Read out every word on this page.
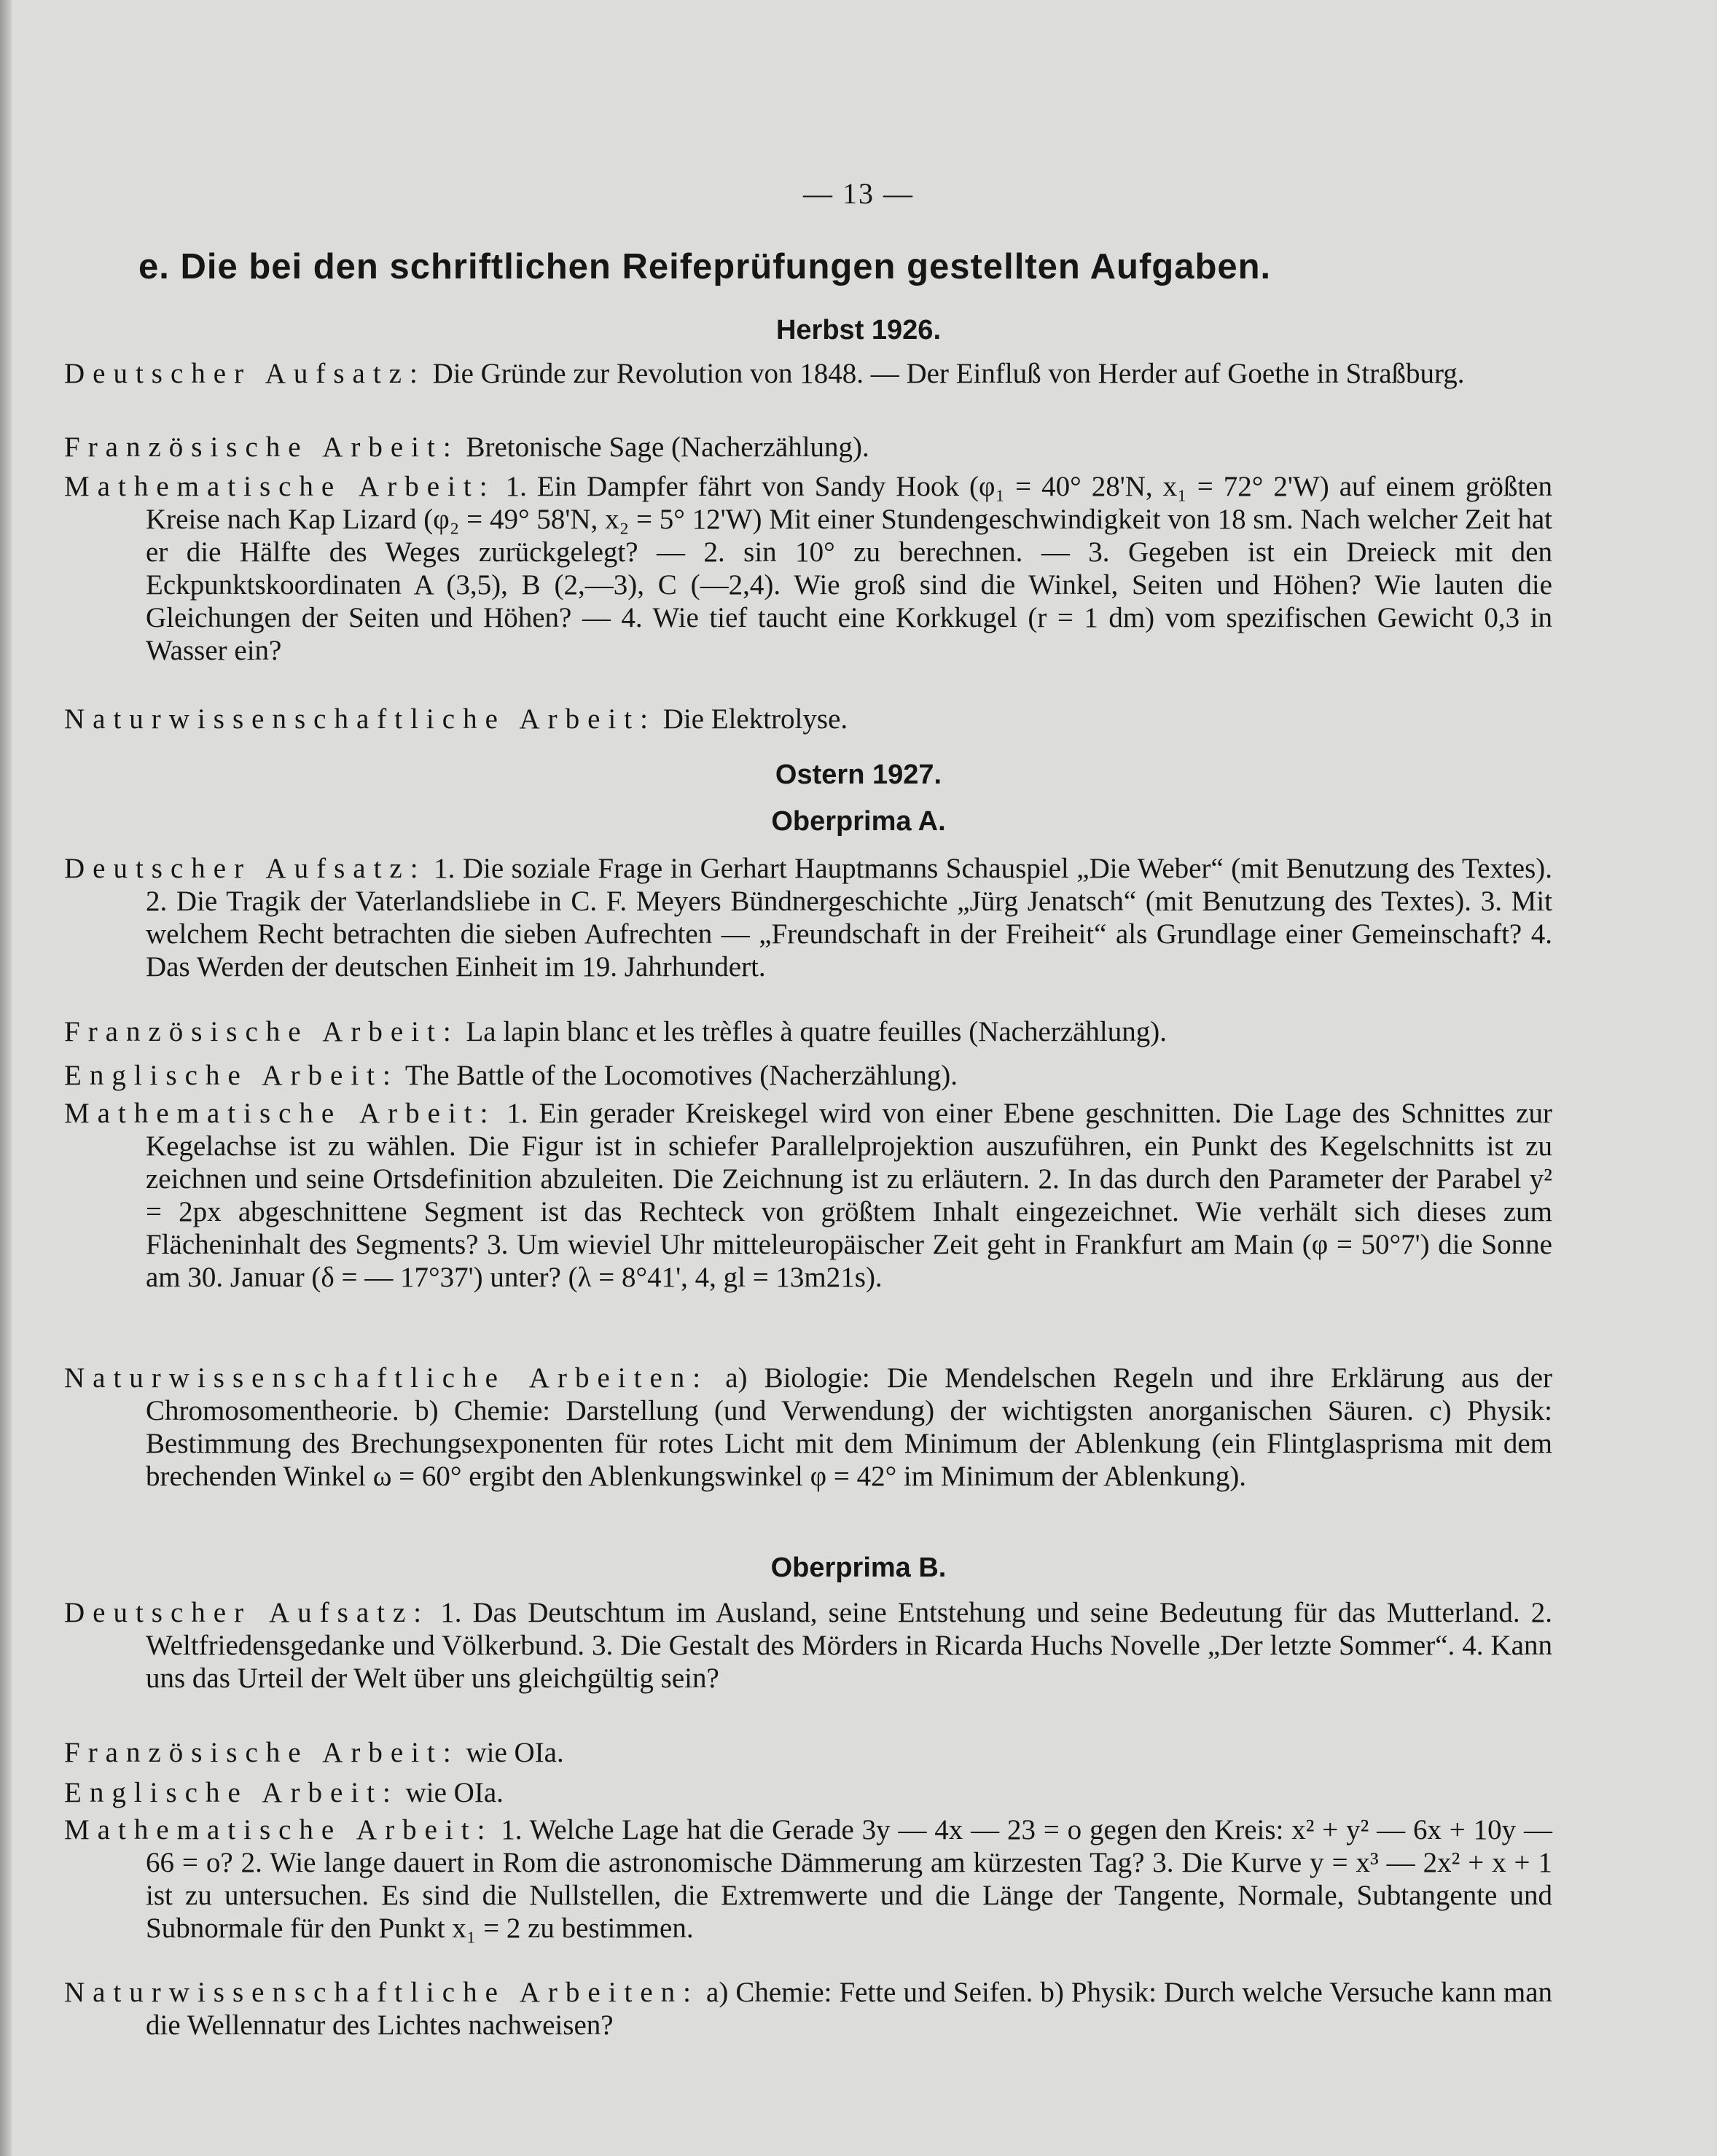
— 13 —
e. Die bei den schriftlichen Reifeprüfungen gestellten Aufgaben.
Herbst 1926.

Deutscher Aufsatz: Die Gründe zur Revolution von 1848. — Der Einfluß von Herder auf Goethe in Straßburg.

Französische Arbeit: Bretonische Sage (Nacherzählung).

Mathematische Arbeit: 1. Ein Dampfer fährt von Sandy Hook (φ₁ = 40° 28'N, x₁ = 72° 2'W) auf einem größten Kreise nach Kap Lizard (φ₂ = 49° 58'N, x₂ = 5° 12'W) Mit einer Stundengeschwindigkeit von 18 sm. Nach welcher Zeit hat er die Hälfte des Weges zurückgelegt? — 2. sin 10° zu berechnen. — 3. Gegeben ist ein Dreieck mit den Eckpunktskoordinaten A (3,5), B (2,—3), C (—2,4). Wie groß sind die Winkel, Seiten und Höhen? Wie lauten die Gleichungen der Seiten und Höhen? — 4. Wie tief taucht eine Korkkugel (r = 1 dm) vom spezifischen Gewicht 0,3 in Wasser ein?

Naturwissenschaftliche Arbeit: Die Elektrolyse.

Ostern 1927.
Oberprima A.

Deutscher Aufsatz: 1. Die soziale Frage in Gerhart Hauptmanns Schauspiel „Die Weber“ (mit Benutzung des Textes). 2. Die Tragik der Vaterlandsliebe in C. F. Meyers Bündnergeschichte „Jürg Jenatsch“ (mit Benutzung des Textes). 3. Mit welchem Recht betrachten die sieben Aufrechten — „Freundschaft in der Freiheit“ als Grundlage einer Gemeinschaft? 4. Das Werden der deutschen Einheit im 19. Jahrhundert.

Französische Arbeit: La lapin blanc et les trèfles à quatre feuilles (Nacherzählung).

Englische Arbeit: The Battle of the Locomotives (Nacherzählung).

Mathematische Arbeit: 1. Ein gerader Kreiskegel wird von einer Ebene geschnitten. Die Lage des Schnittes zur Kegelachse ist zu wählen. Die Figur ist in schiefer Parallelprojektion auszuführen, ein Punkt des Kegelschnitts ist zu zeichnen und seine Ortsdefinition abzuleiten. Die Zeichnung ist zu erläutern. 2. In das durch den Parameter der Parabel y² = 2px abgeschnittene Segment ist das Rechteck von größtem Inhalt eingezeichnet. Wie verhält sich dieses zum Flächeninhalt des Segments? 3. Um wieviel Uhr mitteleuropäischer Zeit geht in Frankfurt am Main (φ = 50°7') die Sonne am 30. Januar (δ = — 17°37') unter? (λ = 8°41', 4, gl = 13m21s).

Naturwissenschaftliche Arbeiten: a) Biologie: Die Mendelschen Regeln und ihre Erklärung aus der Chromosomentheorie. b) Chemie: Darstellung (und Verwendung) der wichtigsten anorganischen Säuren. c) Physik: Bestimmung des Brechungsexponenten für rotes Licht mit dem Minimum der Ablenkung (ein Flintglasprisma mit dem brechenden Winkel ω = 60° ergibt den Ablenkungswinkel φ = 42° im Minimum der Ablenkung).

Oberprima B.

Deutscher Aufsatz: 1. Das Deutschtum im Ausland, seine Entstehung und seine Bedeutung für das Mutterland. 2. Weltfriedensgedanke und Völkerbund. 3. Die Gestalt des Mörders in Ricarda Huchs Novelle „Der letzte Sommer“. 4. Kann uns das Urteil der Welt über uns gleichgültig sein?

Französische Arbeit: wie OIa.

Englische Arbeit: wie OIa.

Mathematische Arbeit: 1. Welche Lage hat die Gerade 3y — 4x — 23 = o gegen den Kreis: x² + y² — 6x + 10y — 66 = o? 2. Wie lange dauert in Rom die astronomische Dämmerung am kürzesten Tag? 3. Die Kurve y = x³ — 2x² + x + 1 ist zu untersuchen. Es sind die Nullstellen, die Extremwerte und die Länge der Tangente, Normale, Subtangente und Subnormale für den Punkt x₁ = 2 zu bestimmen.

Naturwissenschaftliche Arbeiten: a) Chemie: Fette und Seifen. b) Physik: Durch welche Versuche kann man die Wellennatur des Lichtes nachweisen?
